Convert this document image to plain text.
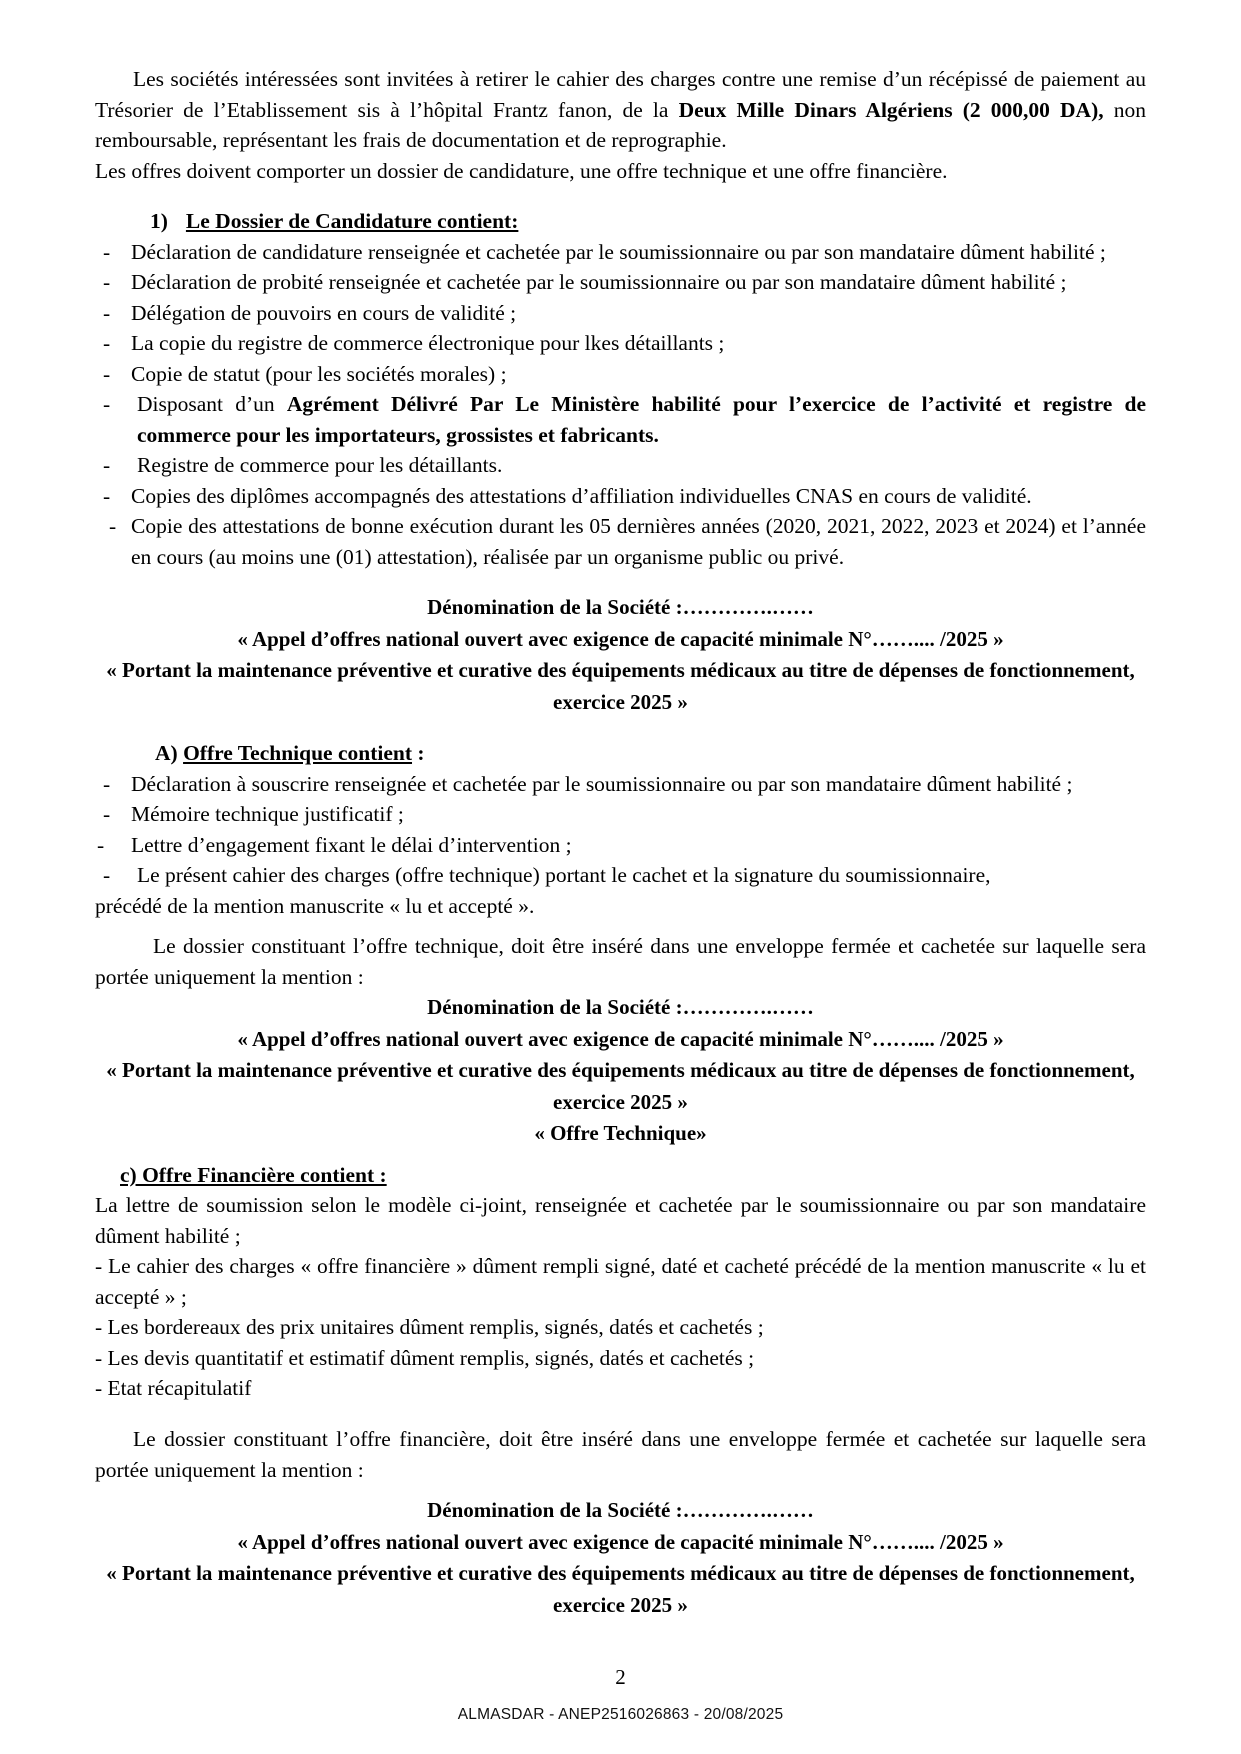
Les sociétés intéressées sont invitées à retirer le cahier des charges contre une remise d’un récépissé de paiement au Trésorier de l’Etablissement sis à l’hôpital Frantz fanon, de la Deux Mille Dinars Algériens (2 000,00 DA), non remboursable, représentant les frais de documentation et de reprographie.

Les offres doivent comporter un dossier de candidature, une offre technique et une offre financière.

1) Le Dossier de Candidature contient:
- Déclaration de candidature renseignée et cachetée par le soumissionnaire ou par son mandataire dûment habilité ;
- Déclaration de probité renseignée et cachetée par le soumissionnaire ou par son mandataire dûment habilité ;
- Délégation de pouvoirs en cours de validité ;
- La copie du registre de commerce électronique pour lkes détaillants ;
- Copie de statut (pour les sociétés morales) ;
- Disposant d’un Agrément Délivré Par Le Ministère habilité pour l’exercice de l’activité et registre de commerce pour les importateurs, grossistes et fabricants.
- Registre de commerce pour les détaillants.
- Copies des diplômes accompagnés des attestations d’affiliation individuelles CNAS en cours de validité.
- Copie des attestations de bonne exécution durant les 05 dernières années (2020, 2021, 2022, 2023 et 2024) et l’année en cours (au moins une (01) attestation), réalisée par un organisme public ou privé.

Dénomination de la Société :………….……

« Appel d’offres national ouvert avec exigence de capacité minimale N°…….... /2025 »

« Portant la maintenance préventive et curative des équipements médicaux au titre de dépenses de fonctionnement, exercice 2025 »

A) Offre Technique contient :
- Déclaration à souscrire renseignée et cachetée par le soumissionnaire ou par son mandataire dûment habilité ;
- Mémoire technique justificatif ;
- Lettre d’engagement fixant le délai d’intervention ;
- Le présent cahier des charges (offre technique) portant le cachet et la signature du soumissionnaire,

précédé de la mention manuscrite « lu et accepté ».

Le dossier constituant l’offre technique, doit être inséré dans une enveloppe fermée et cachetée sur laquelle sera portée uniquement la mention :

Dénomination de la Société :………….……

« Appel d’offres national ouvert avec exigence de capacité minimale N°…….... /2025 »

« Portant la maintenance préventive et curative des équipements médicaux au titre de dépenses de fonctionnement, exercice 2025 »

« Offre Technique»

c) Offre Financière contient :

La lettre de soumission selon le modèle ci-joint, renseignée et cachetée par le soumissionnaire ou par son mandataire dûment habilité ;

- Le cahier des charges « offre financière » dûment rempli signé, daté et cacheté précédé de la mention manuscrite « lu et accepté » ;

- Les bordereaux des prix unitaires dûment remplis, signés, datés et cachetés ;

- Les devis quantitatif et estimatif dûment remplis, signés, datés et cachetés ;

- Etat récapitulatif

Le dossier constituant l’offre financière, doit être inséré dans une enveloppe fermée et cachetée sur laquelle sera portée uniquement la mention :

Dénomination de la Société :………….……

« Appel d’offres national ouvert avec exigence de capacité minimale N°…….... /2025 »

« Portant la maintenance préventive et curative des équipements médicaux au titre de dépenses de fonctionnement, exercice 2025 »

2
ALMASDAR - ANEP2516026863 - 20/08/2025
